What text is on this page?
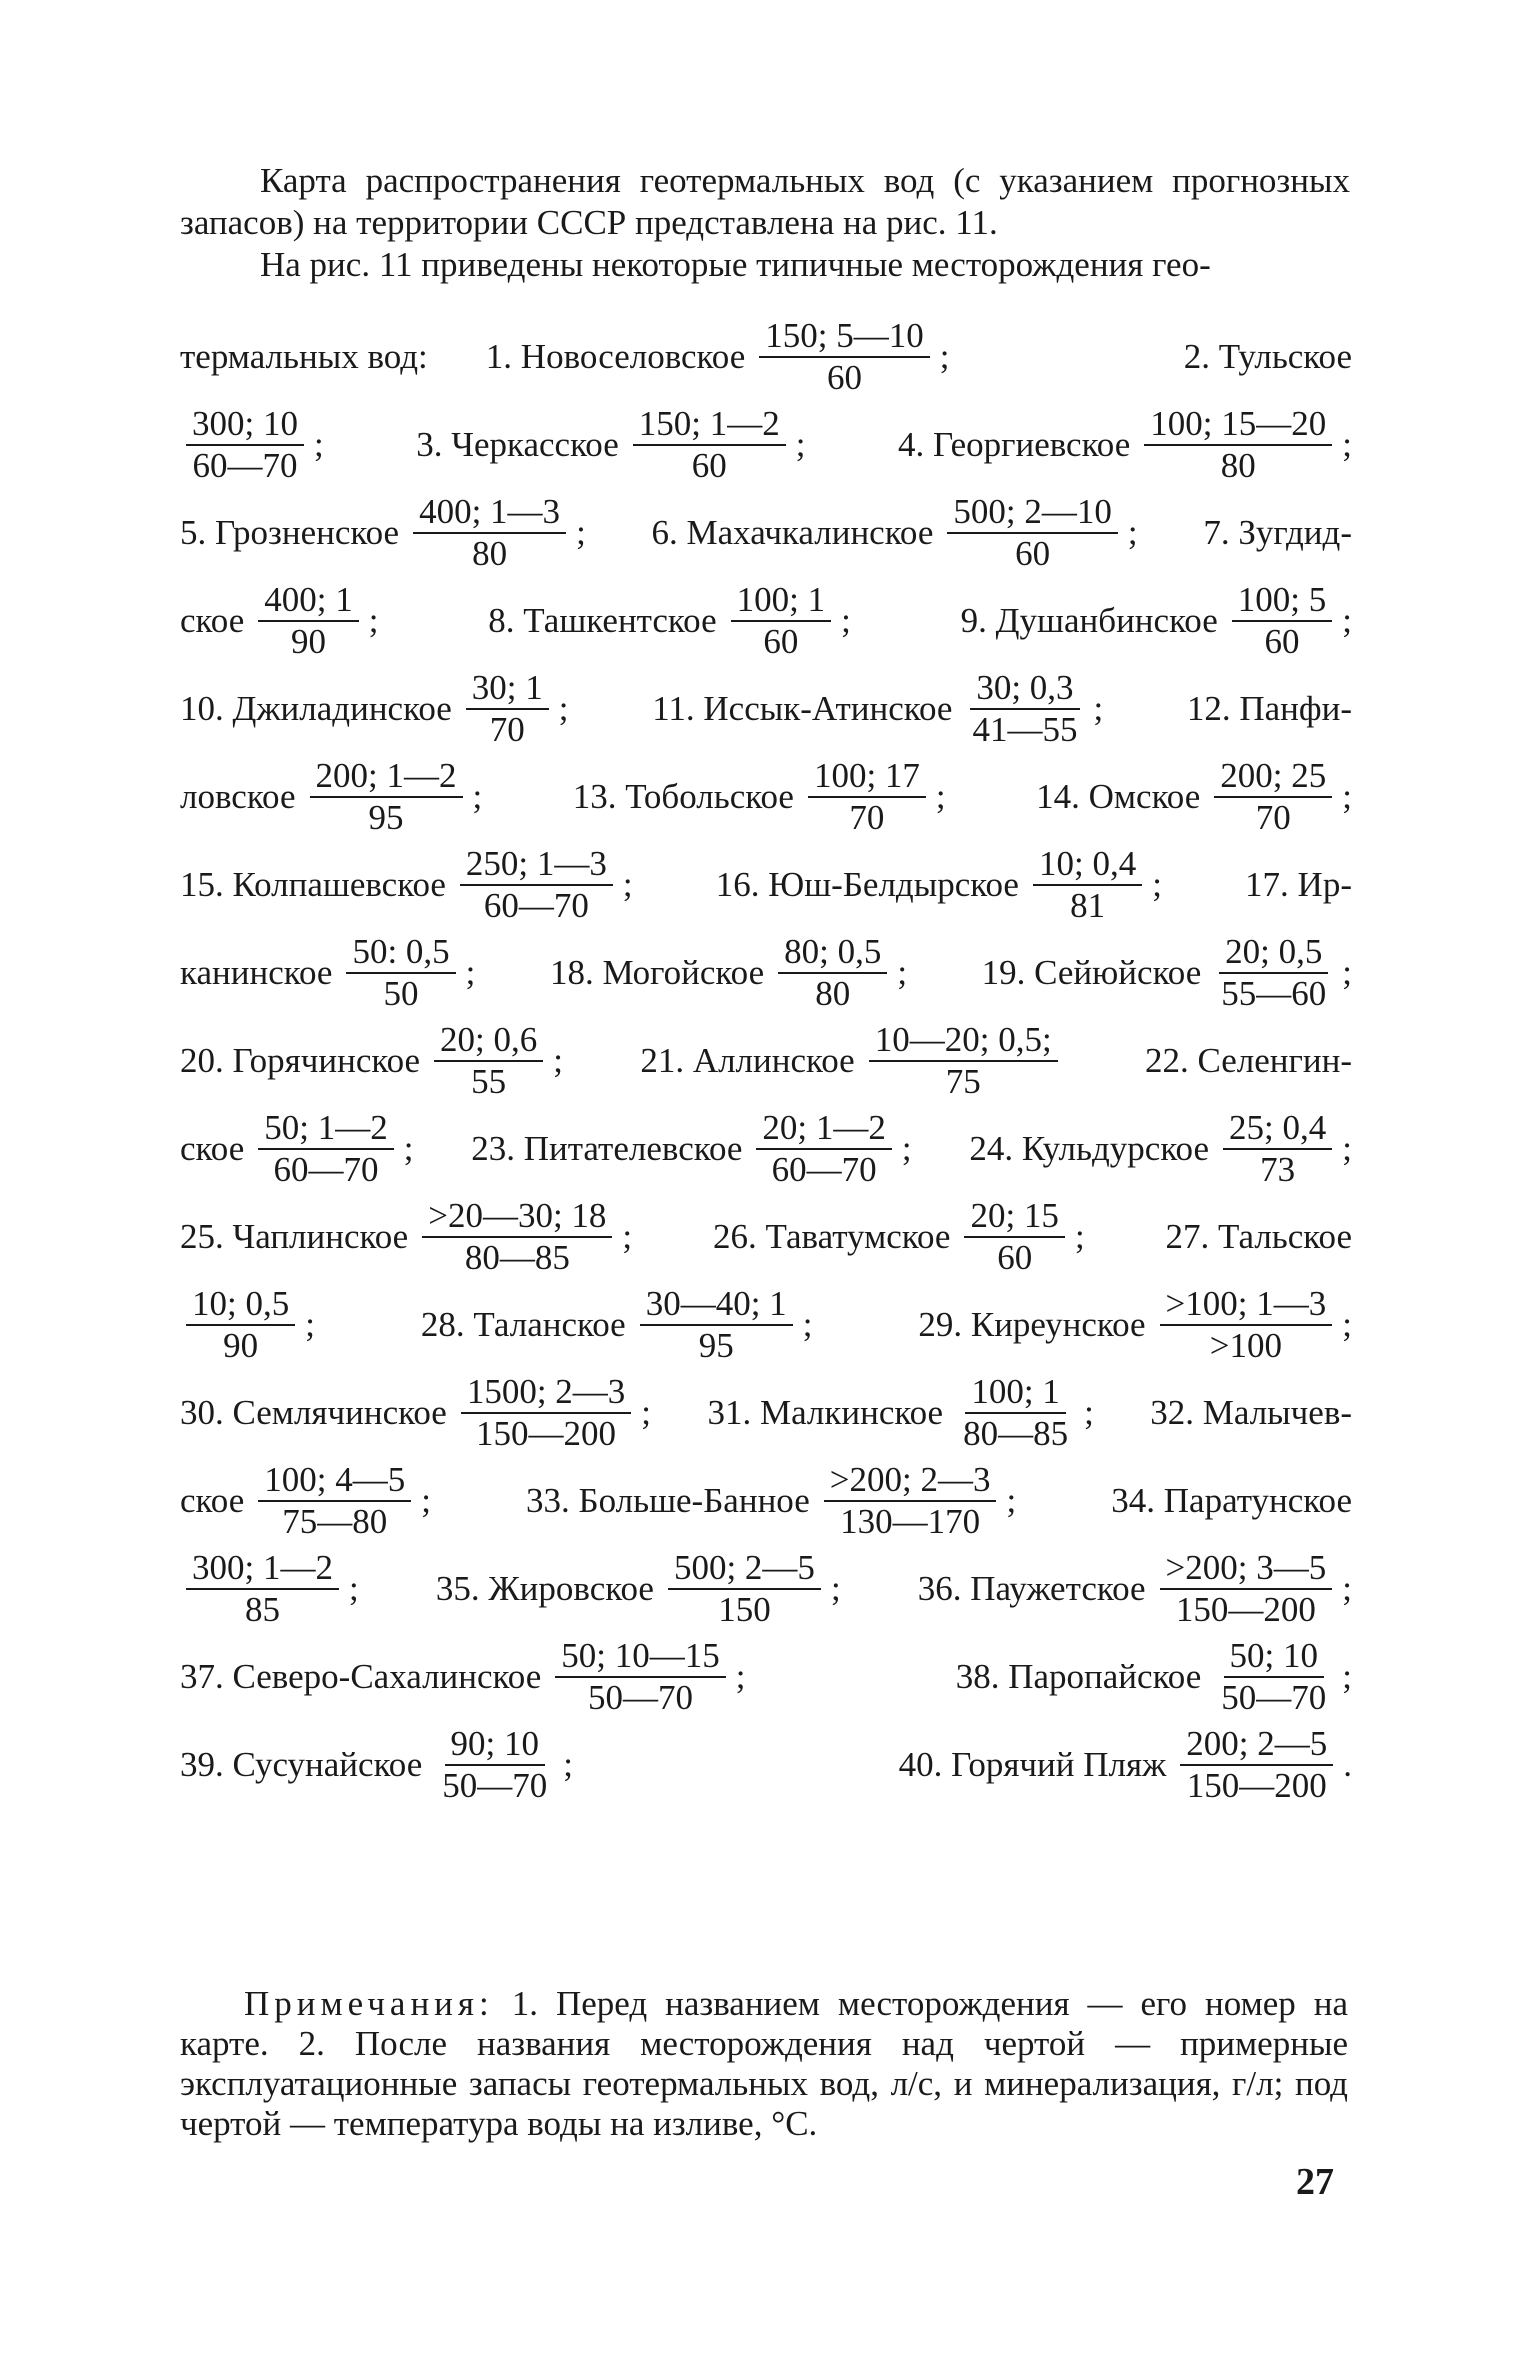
Карта распространения геотермальных вод (с указанием прогнозных запасов) на территории СССР представлена на рис. 11.

На рис. 11 приведены некоторые типичные месторождения гео-

термальных вод: 1. Новоселовское $\frac{150; 5—10}{60}$ ;	2. Тульское
$\frac{300; 10}{60—70}$ ;	3. Черкасское $\frac{150; 1—2}{60}$ ;	4. Георгиевское $\frac{100; 15—20}{80}$ ;
5. Грозненское $\frac{400; 1—3}{80}$ ; 6. Махачкалинское $\frac{500; 2—10}{60}$ ; 7. Зугдид-
ское $\frac{400; 1}{90}$ ;	8. Ташкентское $\frac{100; 1}{60}$ ;	9. Душанбинское $\frac{100; 5}{60}$ ;
10. Джиладинское $\frac{30; 1}{70}$ ; 11. Иссык-Атинское $\frac{30; 0,3}{41—55}$ ; 12. Панфи-
ловское $\frac{200; 1—2}{95}$ ;	13. Тобольское $\frac{100; 17}{70}$ ;	14. Омское $\frac{200; 25}{70}$ ;
15. Колпашевское $\frac{250; 1—3}{60—70}$ ; 16. Юш-Белдырское $\frac{10; 0,4}{81}$ ; 17. Ир-
канинское $\frac{50: 0,5}{50}$ ; 18. Могойское $\frac{80; 0,5}{80}$ ; 19. Сейюйское $\frac{20; 0,5}{55—60}$ ;
20. Горячинское $\frac{20; 0,6}{55}$ ; 21. Аллинское $\frac{10—20; 0,5;}{75} 22$. Селенгин-
ское $\frac{50; 1—2}{60—70}$ ; 23. Питателевское $\frac{20; 1—2}{60—70}$ ; 24. Кульдурское $\frac{25; 0,4}{73}$ ;
25. Чаплинское $\frac{>20—30; 18}{80—85}$ ; 26. Таватумское $\frac{20; 15}{60}$ ; 27. Тальское
$\frac{10; 0,5}{90}$ ;	28. Таланское $\frac{30—40; 1}{95}$ ;	29. Киреунское $\frac{>100; 1—3}{>100}$ ;
30. Семлячинское $\frac{1500; 2—3}{150—200}$ ; 31. Малкинское $\frac{100; 1}{80—85}$ ; 32. Малычев-
ское $\frac{100; 4—5}{75—80}$ ;	33. Больше-Банное $\frac{>200; 2—3}{130—170}$ ;	34. Паратунское
$\frac{300; 1—2}{85}$ ; 35. Жировское $\frac{500; 2—5}{150}$ ; 36. Паужетское $\frac{>200; 3—5}{150—200}$ ;
37. Северо-Сахалинское $\frac{50; 10—15}{50—70}$ ;	38. Паропайское $\frac{50; 10}{50—70}$ ;
39. Сусунайское $\frac{90; 10}{50—70}$ ;	40. Горячий Пляж $\frac{200; 2—5}{150—200}$ .
Примечания: 1. Перед названием месторождения — его номер на карте. 2. После названия месторождения над чертой — примерные эксплуатационные запасы геотермальных вод, л/с, и минерализация, г/л; под чертой — температура воды на изливе, °С.
27
